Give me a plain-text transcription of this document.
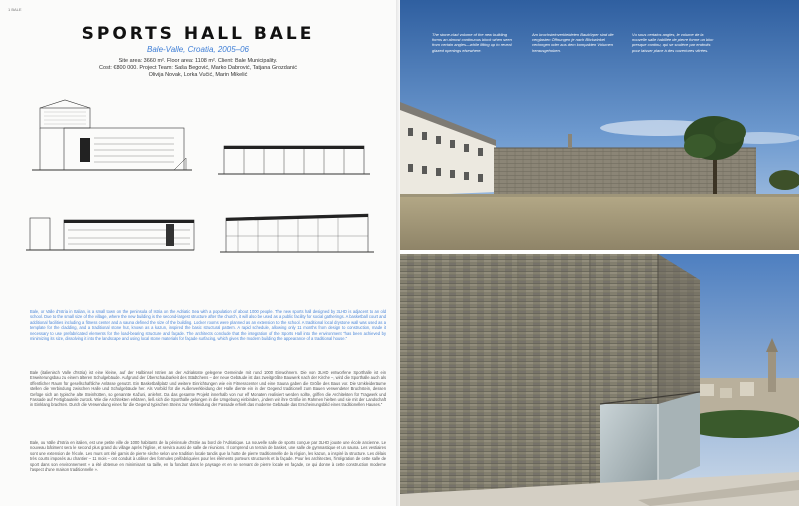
1 BALE
SPORTS HALL BALE
Bale-Valle, Croatia, 2005–06
Site area: 3660 m². Floor area: 1108 m². Client: Bale Municipality.
Cost: €800 000. Project Team: Saša Begović, Marko Dabrović, Tatjana Grozdanić
Olivija Novak, Lorka Vučić, Marin Mikelić
Bale, or Valle d'Istria in Italian, is a small town on the peninsula of Istria on the Adriatic Sea with a population of about 1000 people. The new sports hall designed by 3LHD is adjacent to an old school. Due to the small size of the village, where the new building is the second-largest structure after the church, it will also be used as a public facility for social gatherings. A basketball court and additional facilities including a fitness center and a sauna defined the size of the building. Locker rooms were planned as an extension to the school. A traditional local drystone wall was used as a template for the cladding, and a traditional stone hut, known as a kazun, inspired the basic structural pattern. A rapid schedule, allowing only 11 months from design to construction, made it necessary to use prefabricated elements for the load-bearing structure and façade. The architects conclude that the integration of the Sports Hall into the environment "has been achieved by minimizing its size, dissolving it into the landscape and using local stone materials for façade surfacing, which gives the modern building the appearance of a traditional house."
Bale (italienisch Valle d'Istria) ist eine kleine, auf der Halbinsel Istrien an der Adriaküste gelegene Gemeinde mit rund 1000 Einwohnern. Die von 3LHD entworfene Sporthalle ist ein Erweiterungsbau zu einem älteren Schulgebäude. Aufgrund der Überschaubarkeit des Städtchens – der neue Gebäude ist das zweitgrößte Bauwerk nach der Kirche –, wird die Sporthalle auch als öffentlicher Raum für gesellschaftliche Anlässe genutzt. Ein Basketballplatz und weitere Einrichtungen wie ein Fitnesscenter und eine Sauna gaben die Größe des Baus vor. Die Umkleideräume stellen die Verbindung zwischen Halle und Schulgebäude her. Als Vorbild für die Außenverkleidung der Halle diente ein in der Gegend traditionell zum Bauen verwendeter Bruchstein, dessen Gefüge sich an typische alte Steinhütten, so genannte Kažuni, anlehnt. Da das gesamte Projekt innerhalb von nur elf Monaten realisiert werden sollte, griffen die Architekten für Tragwerk und Fassade auf Fertigbauteile zurück. Wie die Architekten erklären, ließ sich die Sporthalle gelungen in die Umgebung einbinden, „indem wir ihre Größe im Rahmen hielten und sie mit der Landschaft in Einklang brachten. Durch die Verwendung eines für die Gegend typischen Steins zur Verkleidung der Fassade erhielt das moderne Gebäude das Erscheinungsbild eines traditionellen Hauses.“
Bale, ou Valle d'Istria en italien, est une petite ville de 1000 habitants de la péninsule d'Istrie au bord de l'Adriatique. La nouvelle salle de sports conçue par 3LHD jouxte une école ancienne. Le nouveau bâtiment sera le second plus grand du village après l'église, et servira aussi de salle de réunions. Il comprend un terrain de basket, une salle de gymnastique et un sauna. Les vestiaires sont une extension de l'école. Les murs ont été garnis de pierre sèche selon une tradition locale tandis que la hutte de pierre traditionnelle de la région, les kazun, a inspiré la structure. Les délais très courts imposés au chantier – 11 mois – ont conduit à utiliser des formules préfabriquées pour les éléments porteurs structurels et la façade. Pour les architectes, l'intégration de cette salle de sport dans son environnement « a été obtenue en minimisant sa taille, en la fondant dans le paysage et en se servant de pierre locale en façade, ce qui donne à cette construction moderne l'aspect d'une maison traditionnelle ».
The stone-clad volume of the new building forms an almost continuous block when seen from certain angles—while lifting up to reveal glazed openings elsewhere.
Am bruchsteinverkleideten Baukörper sind die verglasten Öffnungen je nach Blickwinkel verborgen oder aus dem kompakten Volumen herausgehoben.
Vu sous certains angles, le volume de la nouvelle salle habillée de pierre forme un bloc presque continu, qui se soulève par endroits pour laisser place à des ouvertures vitrées.
